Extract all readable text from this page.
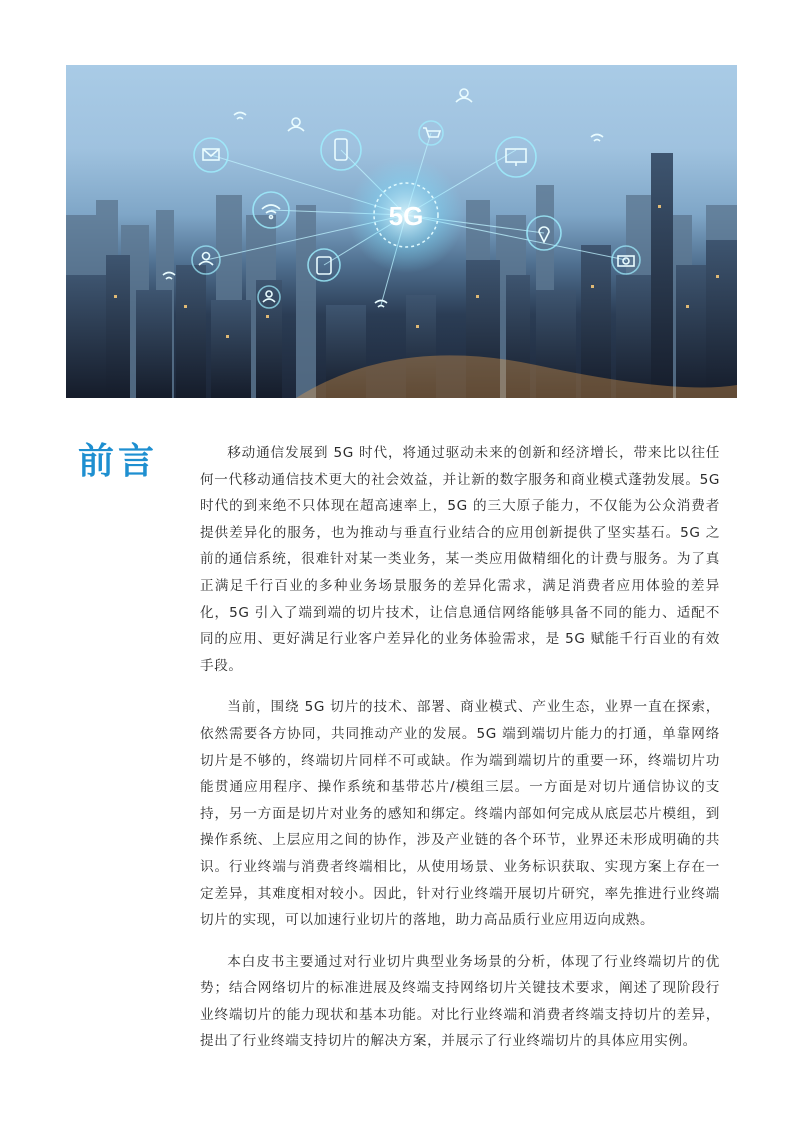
5G
前言	移动通信发展到 5G 时代，将通过驱动未来的创新和经济增长，带来比以往任何一代移动通信技术更大的社会效益，并让新的数字服务和商业模式蓬勃发展。5G 时代的到来绝不只体现在超高速率上，5G 的三大原子能力，不仅能为公众消费者提供差异化的服务，也为推动与垂直行业结合的应用创新提供了坚实基石。5G 之前的通信系统，很难针对某一类业务，某一类应用做精细化的计费与服务。为了真正满足千行百业的多种业务场景服务的差异化需求，满足消费者应用体验的差异化，5G 引入了端到端的切片技术，让信息通信网络能够具备不同的能力、适配不同的应用、更好满足行业客户差异化的业务体验需求，是 5G 赋能千行百业的有效手段。

当前，围绕 5G 切片的技术、部署、商业模式、产业生态，业界一直在探索，依然需要各方协同，共同推动产业的发展。5G 端到端切片能力的打通，单靠网络切片是不够的，终端切片同样不可或缺。作为端到端切片的重要一环，终端切片功能贯通应用程序、操作系统和基带芯片/模组三层。一方面是对切片通信协议的支持，另一方面是切片对业务的感知和绑定。终端内部如何完成从底层芯片模组，到操作系统、上层应用之间的协作，涉及产业链的各个环节，业界还未形成明确的共识。行业终端与消费者终端相比，从使用场景、业务标识获取、实现方案上存在一定差异，其难度相对较小。因此，针对行业终端开展切片研究，率先推进行业终端切片的实现，可以加速行业切片的落地，助力高品质行业应用迈向成熟。

本白皮书主要通过对行业切片典型业务场景的分析，体现了行业终端切片的优势；结合网络切片的标准进展及终端支持网络切片关键技术要求，阐述了现阶段行业终端切片的能力现状和基本功能。对比行业终端和消费者终端支持切片的差异，提出了行业终端支持切片的解决方案，并展示了行业终端切片的具体应用实例。
